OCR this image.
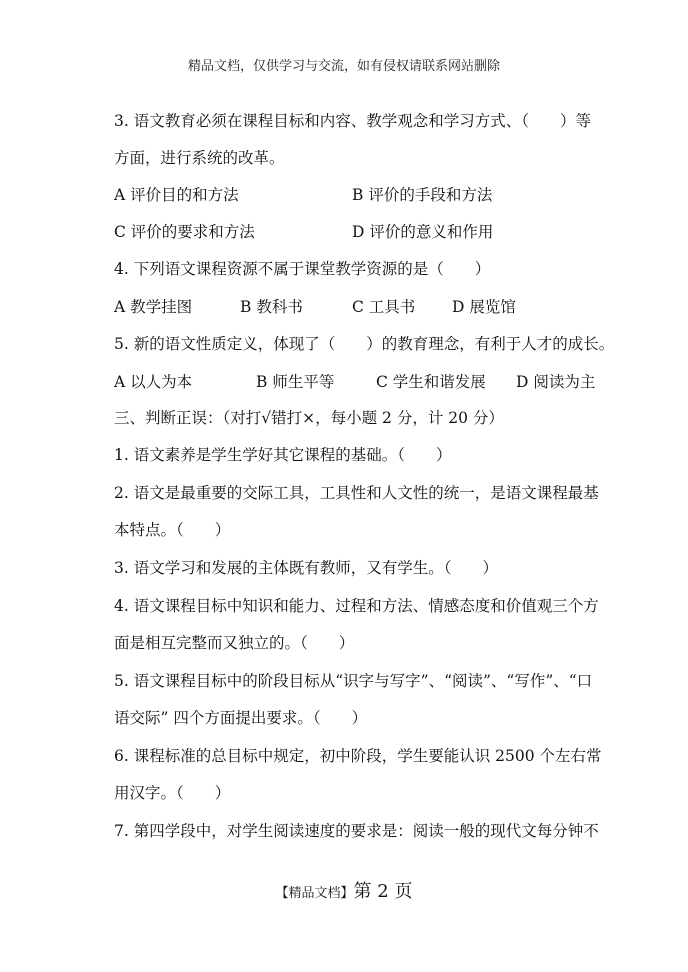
精品文档，仅供学习与交流，如有侵权请联系网站删除
3. 语文教育必须在课程目标和内容、教学观念和学习方式、（　　）等
方面，进行系统的改革。
A 评价目的和方法	B 评价的手段和方法
C 评价的要求和方法	D 评价的意义和作用
4. 下列语文课程资源不属于课堂教学资源的是（　　）
A 教学挂图	B 教科书	C 工具书 D 展览馆
5. 新的语文性质定义，体现了（　　）的教育理念，有利于人才的成长。
A 以人为本	B 师生平等	C 学生和谐发展 D 阅读为主
三、判断正误：（对打√错打×，每小题 2 分，计 20 分）
1. 语文素养是学生学好其它课程的基础。（　　）
2. 语文是最重要的交际工具，工具性和人文性的统一，是语文课程最基
本特点。（　　）
3. 语文学习和发展的主体既有教师，又有学生。（　　）
4. 语文课程目标中知识和能力、过程和方法、情感态度和价值观三个方
面是相互完整而又独立的。（　　）
5. 语文课程目标中的阶段目标从“识字与写字”、“阅读”、“写作”、“口
语交际” 四个方面提出要求。（　　）
6. 课程标准的总目标中规定，初中阶段，学生要能认识 2500 个左右常
用汉字。（　　）
7. 第四学段中，对学生阅读速度的要求是：阅读一般的现代文每分钟不
【精品文档】第 2 页
